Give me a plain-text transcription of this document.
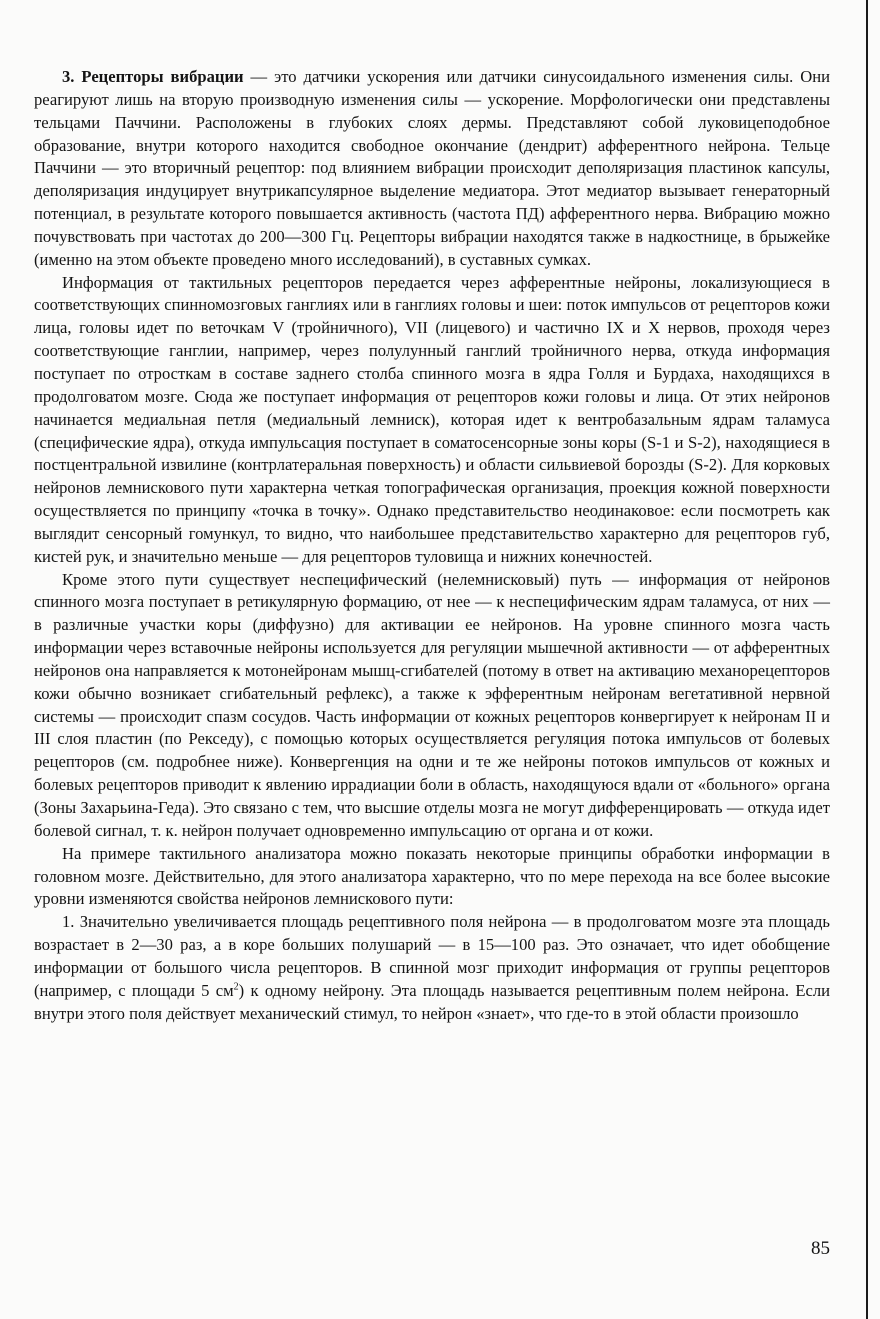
3. Рецепторы вибрации — это датчики ускорения или датчики синусоидального изменения силы. Они реагируют лишь на вторую производную изменения силы — ускорение. Морфологически они представлены тельцами Паччини. Расположены в глубоких слоях дермы. Представляют собой луковицеподобное образование, внутри которого находится свободное окончание (дендрит) афферентного нейрона. Тельце Паччини — это вторичный рецептор: под влиянием вибрации происходит деполяризация пластинок капсулы, деполяризация индуцирует внутрикапсулярное выделение медиатора. Этот медиатор вызывает генераторный потенциал, в результате которого повышается активность (частота ПД) афферентного нерва. Вибрацию можно почувствовать при частотах до 200—300 Гц. Рецепторы вибрации находятся также в надкостнице, в брыжейке (именно на этом объекте проведено много исследований), в суставных сумках.

Информация от тактильных рецепторов передается через афферентные нейроны, локализующиеся в соответствующих спинномозговых ганглиях или в ганглиях головы и шеи: поток импульсов от рецепторов кожи лица, головы идет по веточкам V (тройничного), VII (лицевого) и частично IX и X нервов, проходя через соответствующие ганглии, например, через полулунный ганглий тройничного нерва, откуда информация поступает по отросткам в составе заднего столба спинного мозга в ядра Голля и Бурдаха, находящихся в продолговатом мозге. Сюда же поступает информация от рецепторов кожи головы и лица. От этих нейронов начинается медиальная петля (медиальный лемниск), которая идет к вентробазальным ядрам таламуса (специфические ядра), откуда импульсация поступает в соматосенсорные зоны коры (S-1 и S-2), находящиеся в постцентральной извилине (контрлатеральная поверхность) и области сильвиевой борозды (S-2). Для корковых нейронов лемнискового пути характерна четкая топографическая организация, проекция кожной поверхности осуществляется по принципу «точка в точку». Однако представительство неодинаковое: если посмотреть как выглядит сенсорный гомункул, то видно, что наибольшее представительство характерно для рецепторов губ, кистей рук, и значительно меньше — для рецепторов туловища и нижних конечностей.

Кроме этого пути существует неспецифический (нелемнисковый) путь — информация от нейронов спинного мозга поступает в ретикулярную формацию, от нее — к неспецифическим ядрам таламуса, от них — в различные участки коры (диффузно) для активации ее нейронов. На уровне спинного мозга часть информации через вставочные нейроны используется для регуляции мышечной активности — от афферентных нейронов она направляется к мотонейронам мышц-сгибателей (потому в ответ на активацию механорецепторов кожи обычно возникает сгибательный рефлекс), а также к эфферентным нейронам вегетативной нервной системы — происходит спазм сосудов. Часть информации от кожных рецепторов конвергирует к нейронам II и III слоя пластин (по Рекседу), с помощью которых осуществляется регуляция потока импульсов от болевых рецепторов (см. подробнее ниже). Конвергенция на одни и те же нейроны потоков импульсов от кожных и болевых рецепторов приводит к явлению иррадиации боли в область, находящуюся вдали от «больного» органа (Зоны Захарьина-Геда). Это связано с тем, что высшие отделы мозга не могут дифференцировать — откуда идет болевой сигнал, т. к. нейрон получает одновременно импульсацию от органа и от кожи.

На примере тактильного анализатора можно показать некоторые принципы обработки информации в головном мозге. Действительно, для этого анализатора характерно, что по мере перехода на все более высокие уровни изменяются свойства нейронов лемнискового пути:

1. Значительно увеличивается площадь рецептивного поля нейрона — в продолговатом мозге эта площадь возрастает в 2—30 раз, а в коре больших полушарий — в 15—100 раз. Это означает, что идет обобщение информации от большого числа рецепторов. В спинной мозг приходит информация от группы рецепторов (например, с площади 5 $см^2$) к одному нейрону. Эта площадь называется рецептивным полем нейрона. Если внутри этого поля действует механический стимул, то нейрон «знает», что где-то в этой области произошло

85
